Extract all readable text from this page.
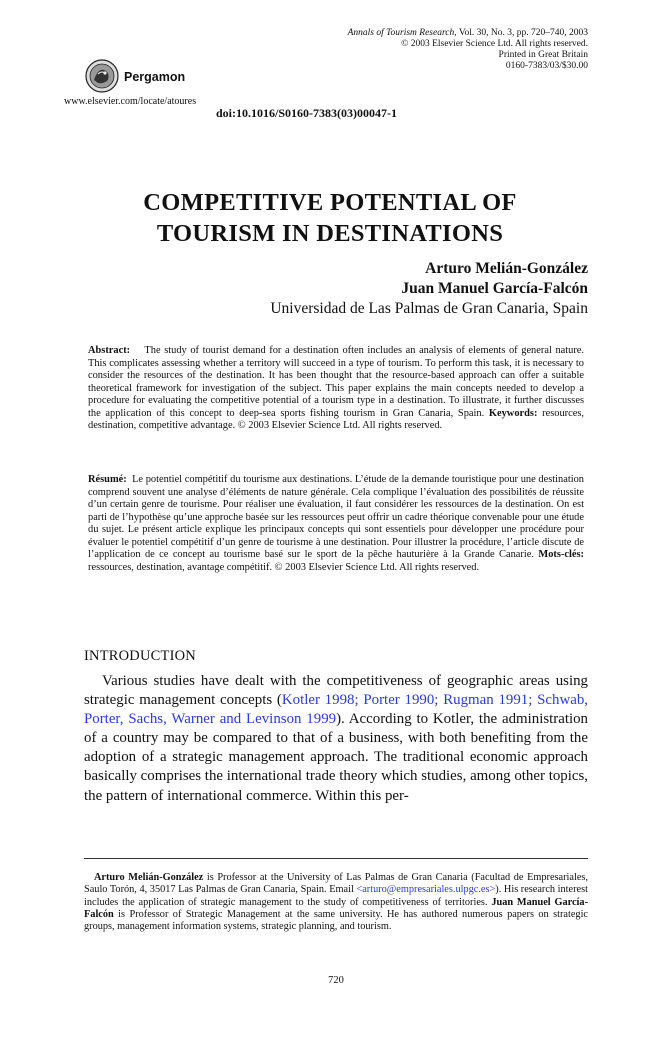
Annals of Tourism Research, Vol. 30, No. 3, pp. 720–740, 2003
© 2003 Elsevier Science Ltd. All rights reserved.
Printed in Great Britain
0160-7383/03/$30.00
Pergamon
www.elsevier.com/locate/atoures
doi:10.1016/S0160-7383(03)00047-1
COMPETITIVE POTENTIAL OF
TOURISM IN DESTINATIONS
Arturo Melián-González
Juan Manuel García-Falcón
Universidad de Las Palmas de Gran Canaria, Spain
Abstract: The study of tourist demand for a destination often includes an analysis of elements of general nature. This complicates assessing whether a territory will succeed in a type of tourism. To perform this task, it is necessary to consider the resources of the destination. It has been thought that the resource-based approach can offer a suitable theoretical framework for investigation of the subject. This paper explains the main concepts needed to develop a procedure for evaluating the competitive potential of a tourism type in a destination. To illustrate, it further discusses the application of this concept to deep-sea sports fishing tourism in Gran Canaria, Spain. Keywords: resources, destination, competitive advantage. © 2003 Elsevier Science Ltd. All rights reserved.
Résumé: Le potentiel compétitif du tourisme aux destinations. L’étude de la demande touristique pour une destination comprend souvent une analyse d’éléments de nature générale. Cela complique l’évaluation des possibilités de réussite d’un certain genre de tourisme. Pour réaliser une évaluation, il faut considérer les ressources de la destination. On est parti de l’hypothèse qu’une approche basée sur les ressources peut offrir un cadre théorique convenable pour une étude du sujet. Le présent article explique les principaux concepts qui sont essentiels pour développer une procédure pour évaluer le potentiel compétitif d’un genre de tourisme à une destination. Pour illustrer la procédure, l’article discute de l’application de ce concept au tourisme basé sur le sport de la pêche hauturière à la Grande Canarie. Mots-clés: ressources, destination, avantage compétitif. © 2003 Elsevier Science Ltd. All rights reserved.
INTRODUCTION

Various studies have dealt with the competitiveness of geographic areas using strategic management concepts (Kotler 1998; Porter 1990; Rugman 1991; Schwab, Porter, Sachs, Warner and Levinson 1999). According to Kotler, the administration of a country may be compared to that of a business, with both benefiting from the adoption of a strategic management approach. The traditional economic approach basically comprises the international trade theory which studies, among other topics, the pattern of international commerce. Within this per-

Arturo Melián-González is Professor at the University of Las Palmas de Gran Canaria (Facultad de Empresariales, Saulo Torón, 4, 35017 Las Palmas de Gran Canaria, Spain. Email <arturo@empresariales.ulpgc.es>). His research interest includes the application of strategic management to the study of competitiveness of territories. Juan Manuel García-Falcón is Professor of Strategic Management at the same university. He has authored numerous papers on strategic groups, management information systems, strategic planning, and tourism.

720
